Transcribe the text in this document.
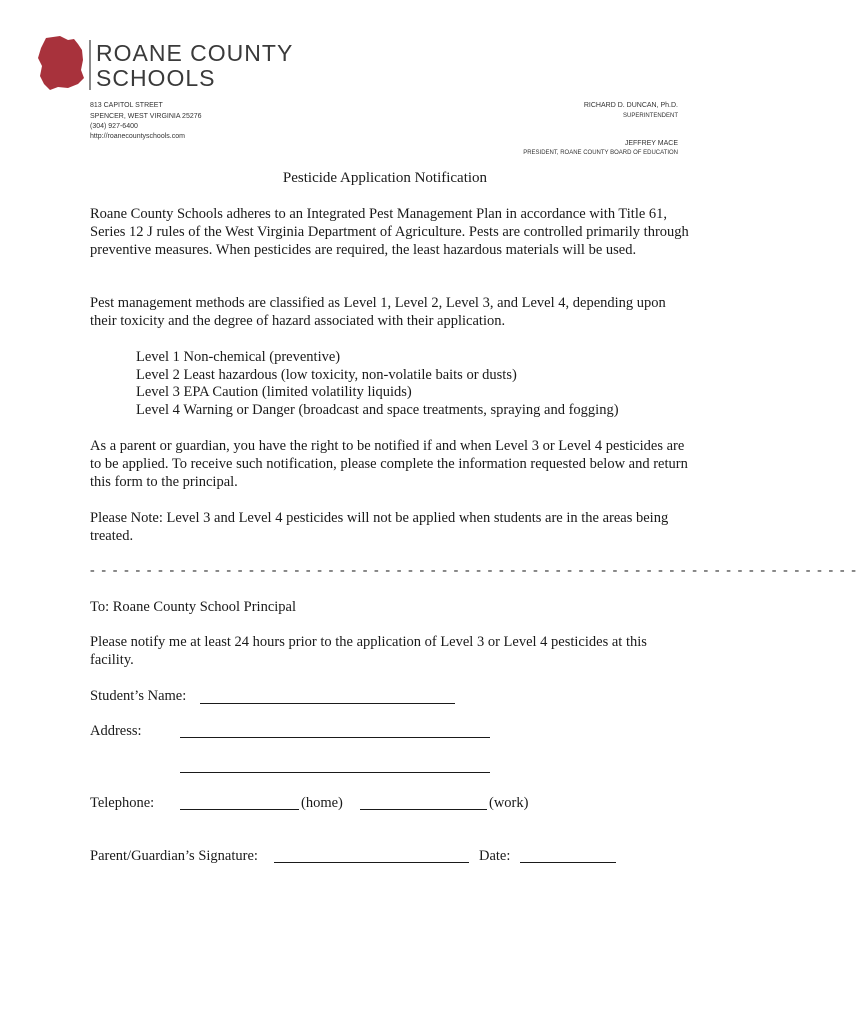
ROANE COUNTY
SCHOOLS
813 CAPITOL STREET
SPENCER, WEST VIRGINIA 25276
(304) 927-6400
http://roanecountyschools.com
RICHARD D. DUNCAN, Ph.D.
SUPERINTENDENT
JEFFREY MACE
PRESIDENT, ROANE COUNTY BOARD OF EDUCATION
Pesticide Application Notification
Roane County Schools adheres to an Integrated Pest Management Plan in accordance with Title 61, Series 12 J rules of the West Virginia Department of Agriculture. Pests are controlled primarily through preventive measures. When pesticides are required, the least hazardous materials will be used.
Pest management methods are classified as Level 1, Level 2, Level 3, and Level 4, depending upon their toxicity and the degree of hazard associated with their application.
Level 1 Non-chemical (preventive)
Level 2 Least hazardous (low toxicity, non-volatile baits or dusts)
Level 3 EPA Caution (limited volatility liquids)
Level 4 Warning or Danger (broadcast and space treatments, spraying and fogging)
As a parent or guardian, you have the right to be notified if and when Level 3 or Level 4 pesticides are to be applied. To receive such notification, please complete the information requested below and return this form to the principal.
Please Note: Level 3 and Level 4 pesticides will not be applied when students are in the areas being treated.
- - - - - - - - - - - - - - - - - - - - - - - - - - - - - - - - - - - - - - - - - - - - - - - - - - - - - - - - - - - - - - - - - - - -
To: Roane County School Principal
Please notify me at least 24 hours prior to the application of Level 3 or Level 4 pesticides at this facility.
Student’s Name:
Address:
Telephone:	(home)	(work)
Parent/Guardian’s Signature:	Date:
